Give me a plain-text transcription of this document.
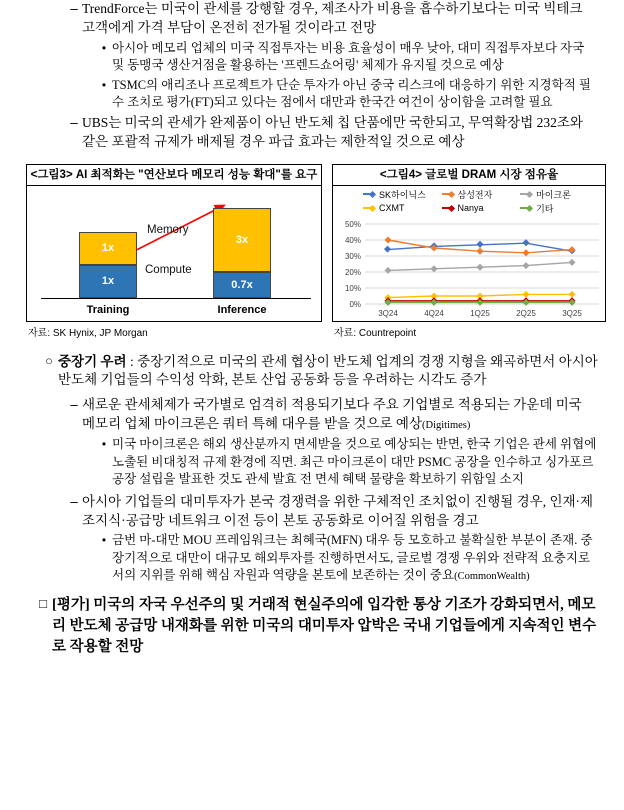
– TrendForce는 미국이 관세를 강행할 경우, 제조사가 비용을 흡수하기보다는 미국 빅테크 고객에게 가격 부담이 온전히 전가될 것이라고 전망
• 아시아 메모리 업체의 미국 직접투자는 비용 효율성이 매우 낮아, 대미 직접투자보다 자국 및 동맹국 생산거점을 활용하는 '프렌드쇼어링' 체제가 유지될 것으로 예상
• TSMC의 애리조나 프로젝트가 단순 투자가 아닌 중국 리스크에 대응하기 위한 지경학적 필수 조치로 평가(FT)되고 있다는 점에서 대만과 한국간 여건이 상이함을 고려할 필요
– UBS는 미국의 관세가 완제품이 아닌 반도체 칩 단품에만 국한되고, 무역확장법 232조와 같은 포괄적 규제가 배제될 경우 파급 효과는 제한적일 것으로 예상
<그림3> AI 최적화는 "연산보다 메모리 성능 확대"를 요구
1x
1x
Training
0.7x
3x
Inference
Memory
Compute
자료: SK Hynix, JP Morgan
<그림4> 글로벌 DRAM 시장 점유율
SK하이닉스	삼성전자	마이크론
CXMT	Nanya	기타
50%
40%
30%
20%
10%
0%
3Q24	4Q24	1Q25	2Q25	3Q25
자료: Countrepoint
○ 중장기 우려 : 중장기적으로 미국의 관세 협상이 반도체 업계의 경쟁 지형을 왜곡하면서 아시아 반도체 기업들의 수익성 악화, 본토 산업 공동화 등을 우려하는 시각도 증가
– 새로운 관세체제가 국가별로 엄격히 적용되기보다 주요 기업별로 적용되는 가운데 미국 메모리 업체 마이크론은 쿼터 특혜 대우를 받을 것으로 예상(Digitimes)
• 미국 마이크론은 해외 생산분까지 면세받을 것으로 예상되는 반면, 한국 기업은 관세 위협에 노출된 비대칭적 규제 환경에 직면. 최근 마이크론이 대만 PSMC 공장을 인수하고 싱가포르 공장 설립을 발표한 것도 관세 발효 전 면세 혜택 물량을 확보하기 위함일 소지
– 아시아 기업들의 대미투자가 본국 경쟁력을 위한 구체적인 조치없이 진행될 경우, 인재·제조지식·공급망 네트워크 이전 등이 본토 공동화로 이어질 위험을 경고
• 금번 마-대만 MOU 프레임워크는 최혜국(MFN) 대우 등 모호하고 불확실한 부분이 존재. 중장기적으로 대만이 대규모 해외투자를 진행하면서도, 글로벌 경쟁 우위와 전략적 요충지로서의 지위를 위해 핵심 자원과 역량을 본토에 보존하는 것이 중요(CommonWealth)
□ [평가] 미국의 자국 우선주의 및 거래적 현실주의에 입각한 통상 기조가 강화되면서, 메모리 반도체 공급망 내재화를 위한 미국의 대미투자 압박은 국내 기업들에게 지속적인 변수로 작용할 전망
